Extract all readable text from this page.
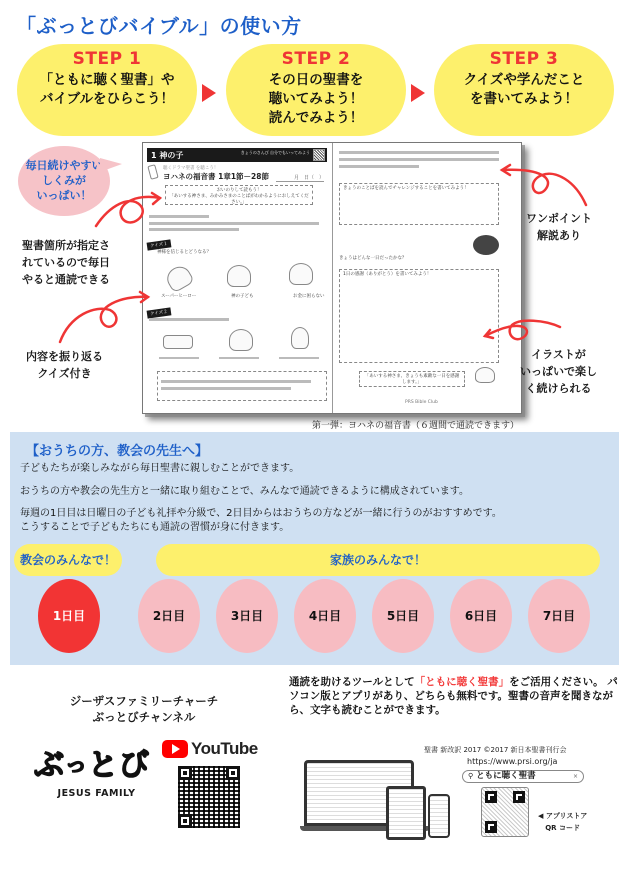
「ぶっとびバイブル」の使い方
STEP 1
「ともに聴く聖書」や
バイブルをひらこう！
STEP 2
その日の聖書を
聴いてみよう！
読んでみよう！
STEP 3
クイズや学んだこと
を書いてみよう！
1 神の子	きょうのさんび 自分でもいってみよう
聴くドラマ聖書 を聴こう！
ヨハネの福音書 1章1節－28節	月　日（　）
おいのりして読もう！
「あいする神さま、みかみさまのことばがわかるようにおしえてください。」
クイズ１
神様を信じるとどうなる？
スーパーヒーロー	神の子ども	お金に困らない
クイズ２
きょうのことばを読んでチャレンジすることを書いてみよう！
きょうはどんな一日だったかな？
1日の感謝（ありがとう）を書いてみよう！
「あいする神さま、きょうも素敵な一日を感謝します。」
PRS Bible Club
第一弾：ヨハネの福音書（６週間で通読できます）
毎日続けやすい
しくみが
いっぱい！
聖書箇所が指定さ
れているので毎日
やると通読できる
内容を振り返る
クイズ付き
ワンポイント
解説あり
イラストが
いっぱいで楽し
く続けられる
【おうちの方、教会の先生へ】
子どもたちが楽しみながら毎日聖書に親しむことができます。
おうちの方や教会の先生方と一緒に取り組むことで、みんなで通読できるように構成されています。
毎週の1日目は日曜日の子ども礼拝や分級で、2日目からはおうちの方などが一緒に行うのがおすすめです。
こうすることで子どもたちにも通読の習慣が身に付きます。
教会のみんなで！	家族のみんなで！
1日目	2日目	3日目	4日目	5日目	6日目	7日目
ジーザスファミリーチャーチ
ぶっとびチャンネル
ぶ っ と び
JESUS FAMILY
YouTube
通読を助けるツールとして「ともに聴く聖書」をご活用ください。 パソコン版とアプリがあり、どちらも無料です。聖書の音声を聞きながら、文字も読むことができます。
聖書 新改訳 2017 ©2017 新日本聖書刊行会
https://www.prsi.org/ja
⚲ ともに聴く聖書	×
◀ アプリストア
QR コード
